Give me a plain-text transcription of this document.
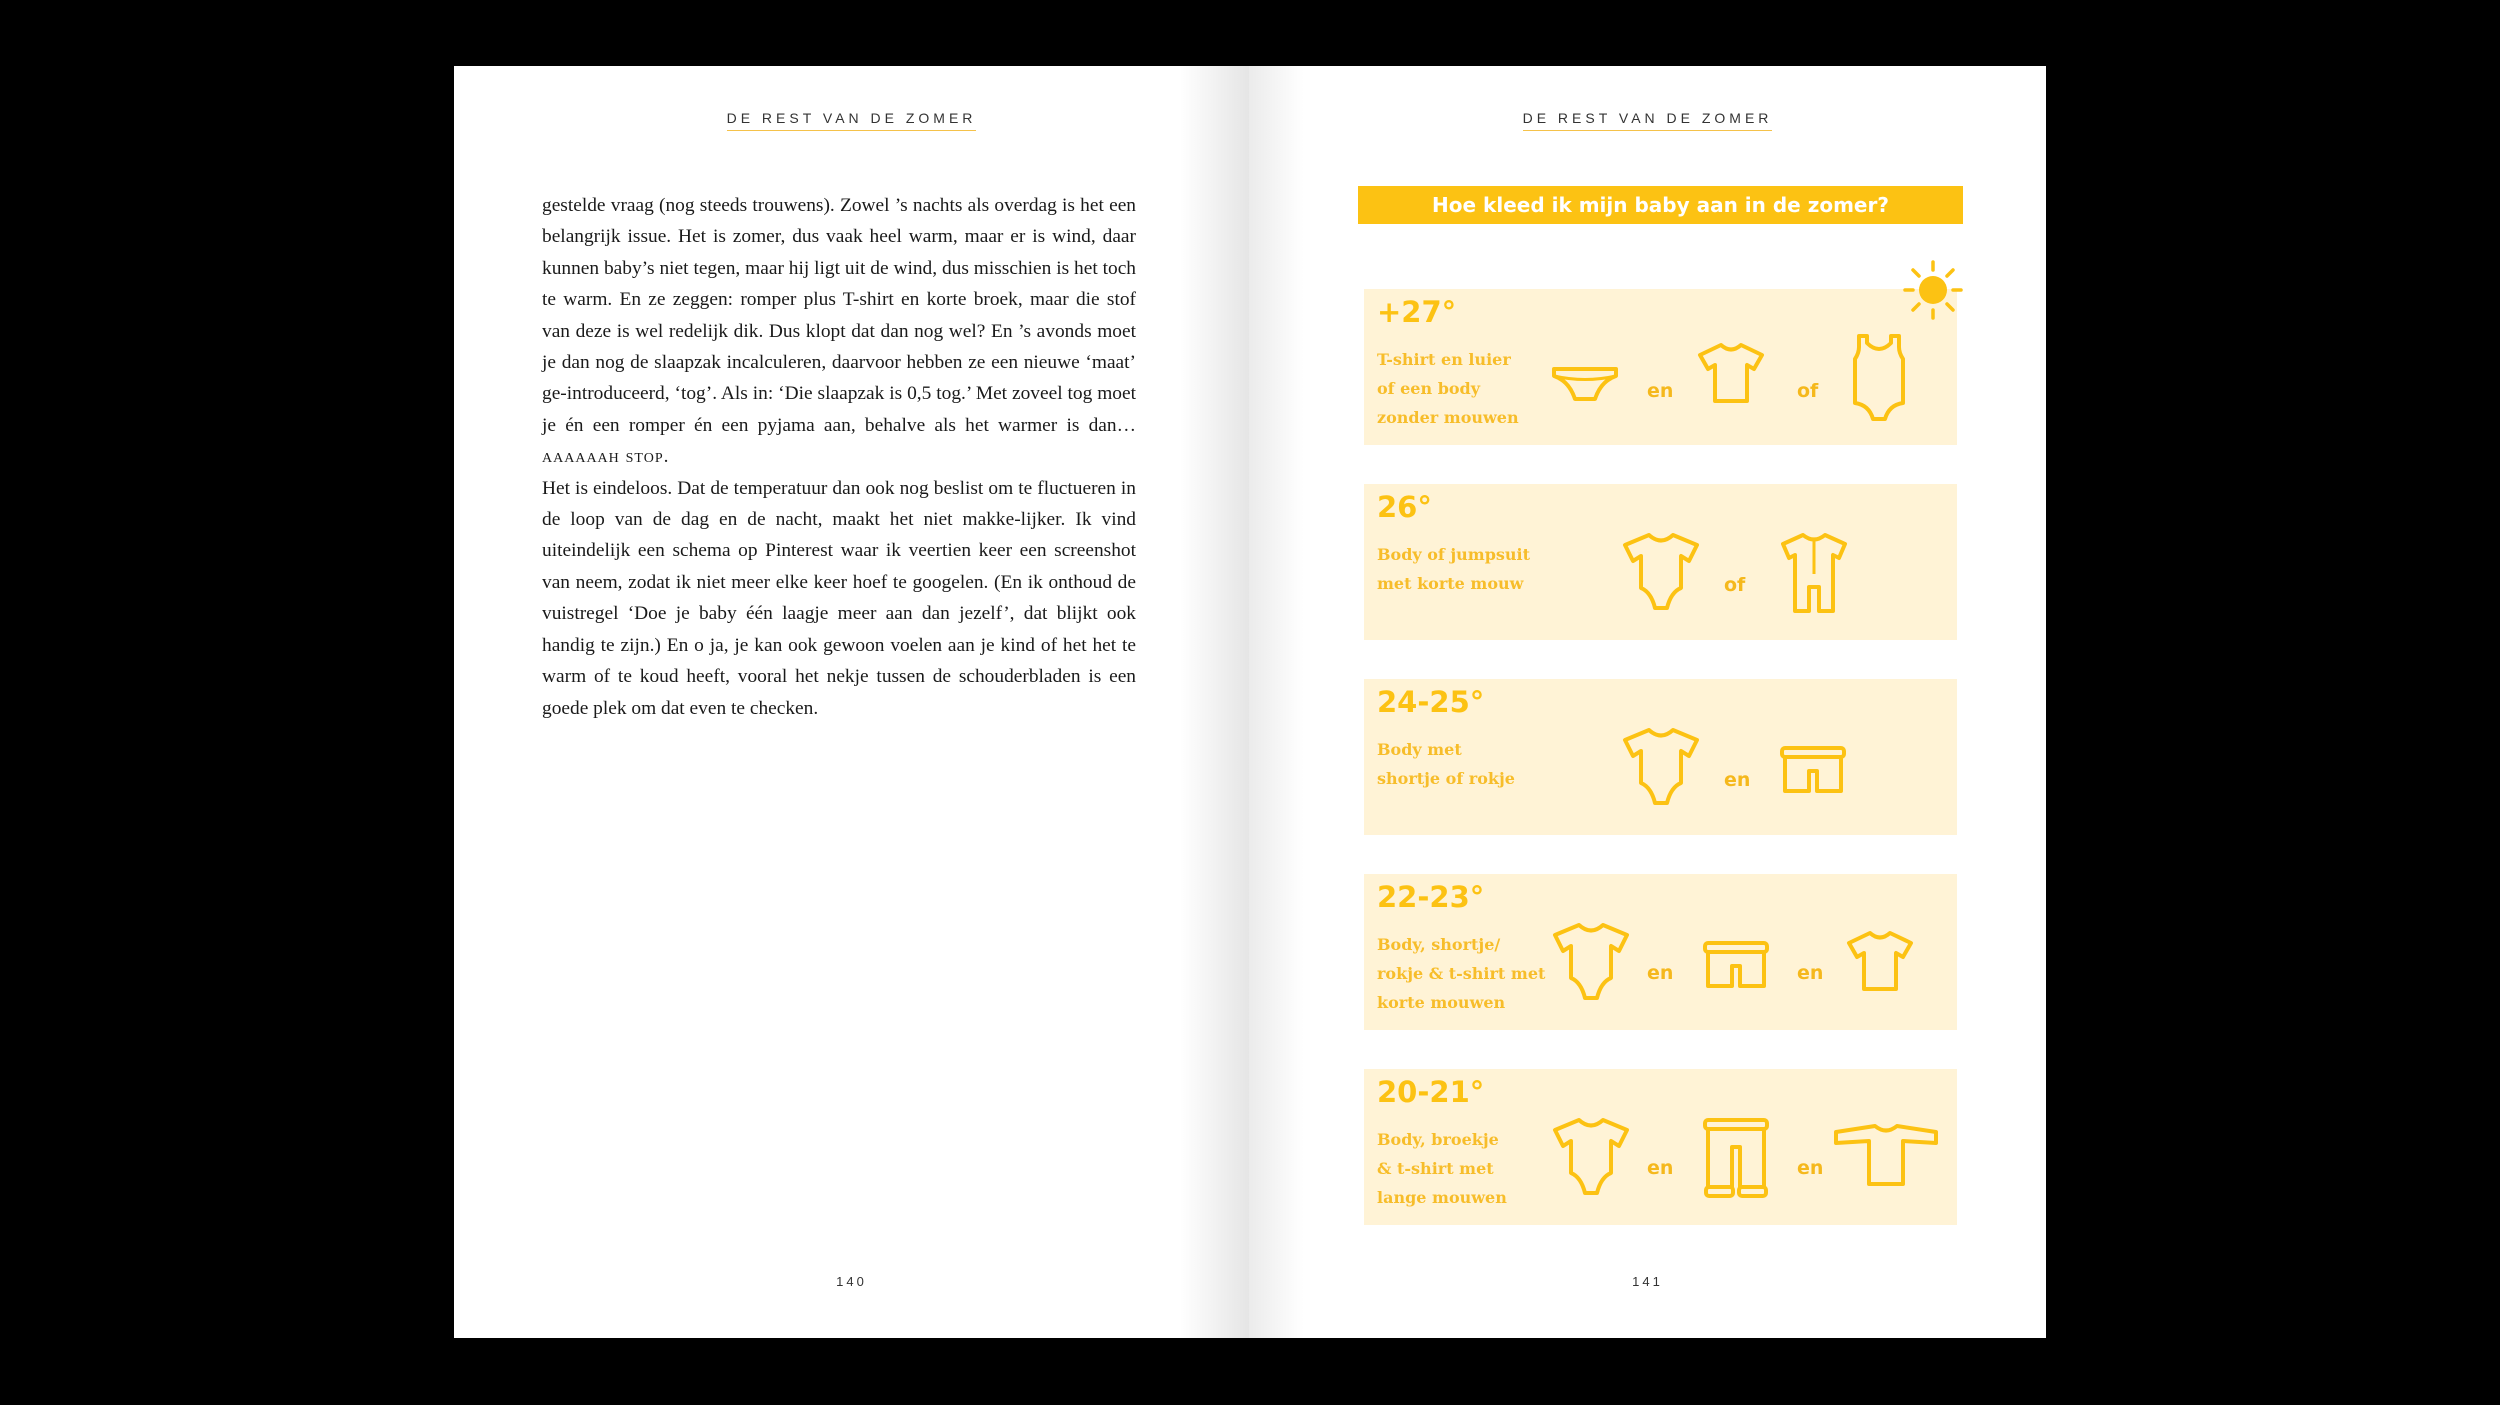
DE REST VAN DE ZOMER

gestelde vraag (nog steeds trouwens). Zowel ’s nachts als overdag is het een belangrijk issue. Het is zomer, dus vaak heel warm, maar er is wind, daar kunnen baby’s niet tegen, maar hij ligt uit de wind, dus misschien is het toch te warm. En ze zeggen: romper plus T-shirt en korte broek, maar die stof van deze is wel redelijk dik. Dus klopt dat dan nog wel? En ’s avonds moet je dan nog de slaapzak incalculeren, daarvoor hebben ze een nieuwe ‘maat’ ge-introduceerd, ‘tog’. Als in: ‘Die slaapzak is 0,5 tog.’ Met zoveel tog moet je én een romper én een pyjama aan, behalve als het warmer is dan… aaaaaah stop.

Het is eindeloos. Dat de temperatuur dan ook nog beslist om te fluctueren in de loop van de dag en de nacht, maakt het niet makke-lijker. Ik vind uiteindelijk een schema op Pinterest waar ik veertien keer een screenshot van neem, zodat ik niet meer elke keer hoef te googelen. (En ik onthoud de vuistregel ‘Doe je baby één laagje meer aan dan jezelf’, dat blijkt ook handig te zijn.) En o ja, je kan ook gewoon voelen aan je kind of het het te warm of te koud heeft, vooral het nekje tussen de schouderbladen is een goede plek om dat even te checken.

140
DE REST VAN DE ZOMER
Hoe kleed ik mijn baby aan in de zomer?
+27°
T-shirt en luier
of een body
zonder mouwen
en	of
26°
Body of jumpsuit
met korte mouw	of
24-25°
Body met
shortje of rokje	en
22-23°
Body, shortje/
rokje & t-shirt met
korte mouwen
en	en
20-21°
Body, broekje
& t-shirt met
lange mouwen
en	en
141
